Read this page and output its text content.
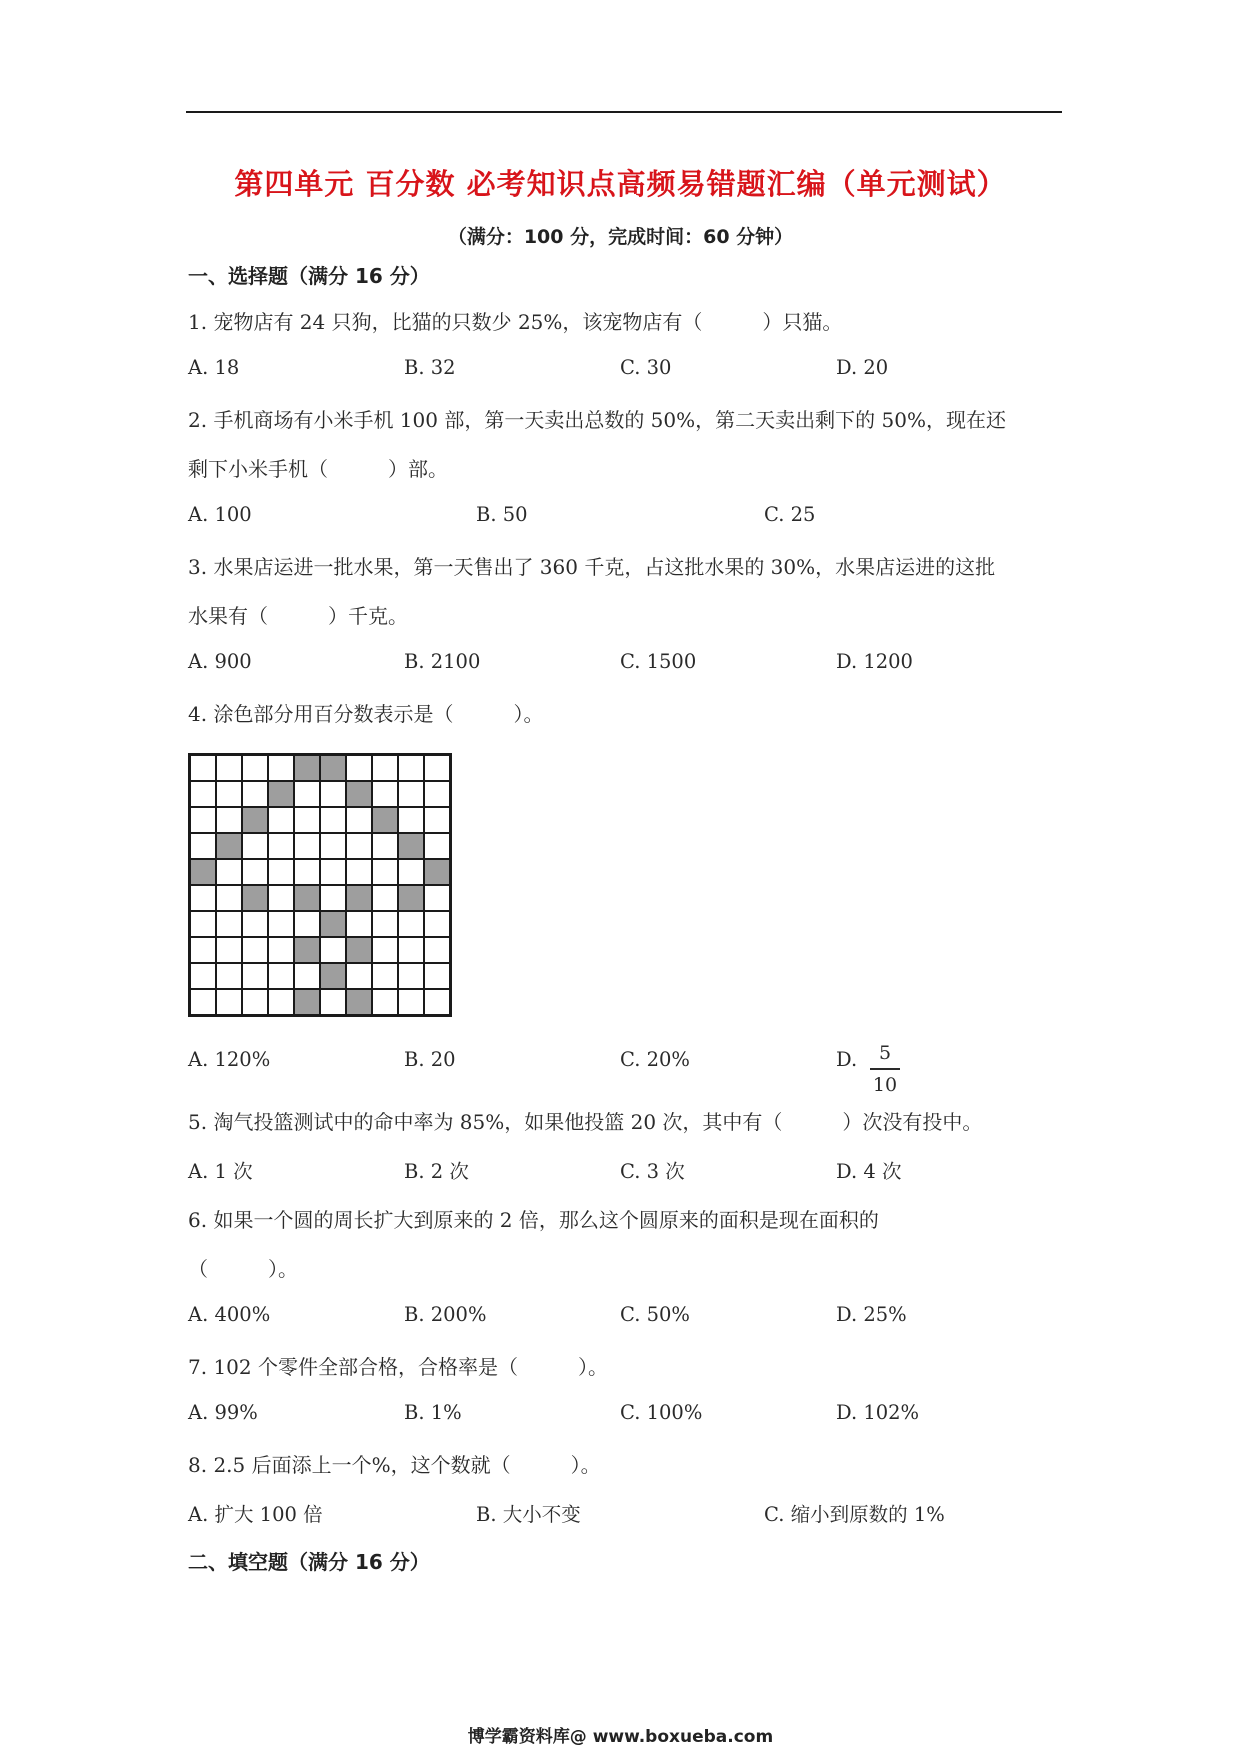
第四单元 百分数 必考知识点高频易错题汇编（单元测试）
（满分：100 分，完成时间：60 分钟）
一、选择题（满分 16 分）
1. 宠物店有 24 只狗，比猫的只数少 25%，该宠物店有（　　　）只猫。
A. 18	B. 32	C. 30	D. 20
2. 手机商场有小米手机 100 部，第一天卖出总数的 50%，第二天卖出剩下的 50%，现在还
剩下小米手机（　　　）部。
A. 100	B. 50	C. 25
3. 水果店运进一批水果，第一天售出了 360 千克，占这批水果的 30%，水果店运进的这批
水果有（　　　）千克。
A. 900	B. 2100	C. 1500	D. 1200
4. 涂色部分用百分数表示是（　　　）。
A. 120%	B. 20	C. 20%	D.	5
10
5. 淘气投篮测试中的命中率为 85%，如果他投篮 20 次，其中有（　　　）次没有投中。
A. 1 次	B. 2 次	C. 3 次	D. 4 次
6. 如果一个圆的周长扩大到原来的 2 倍，那么这个圆原来的面积是现在面积的
（　　　）。
A. 400%	B. 200%	C. 50%	D. 25%
7. 102 个零件全部合格，合格率是（　　　）。
A. 99%	B. 1%	C. 100%	D. 102%
8. 2.5 后面添上一个%，这个数就（　　　）。
A. 扩大 100 倍	B. 大小不变	C. 缩小到原数的 1%
二、填空题（满分 16 分）
博学霸资料库@ www.boxueba.com
